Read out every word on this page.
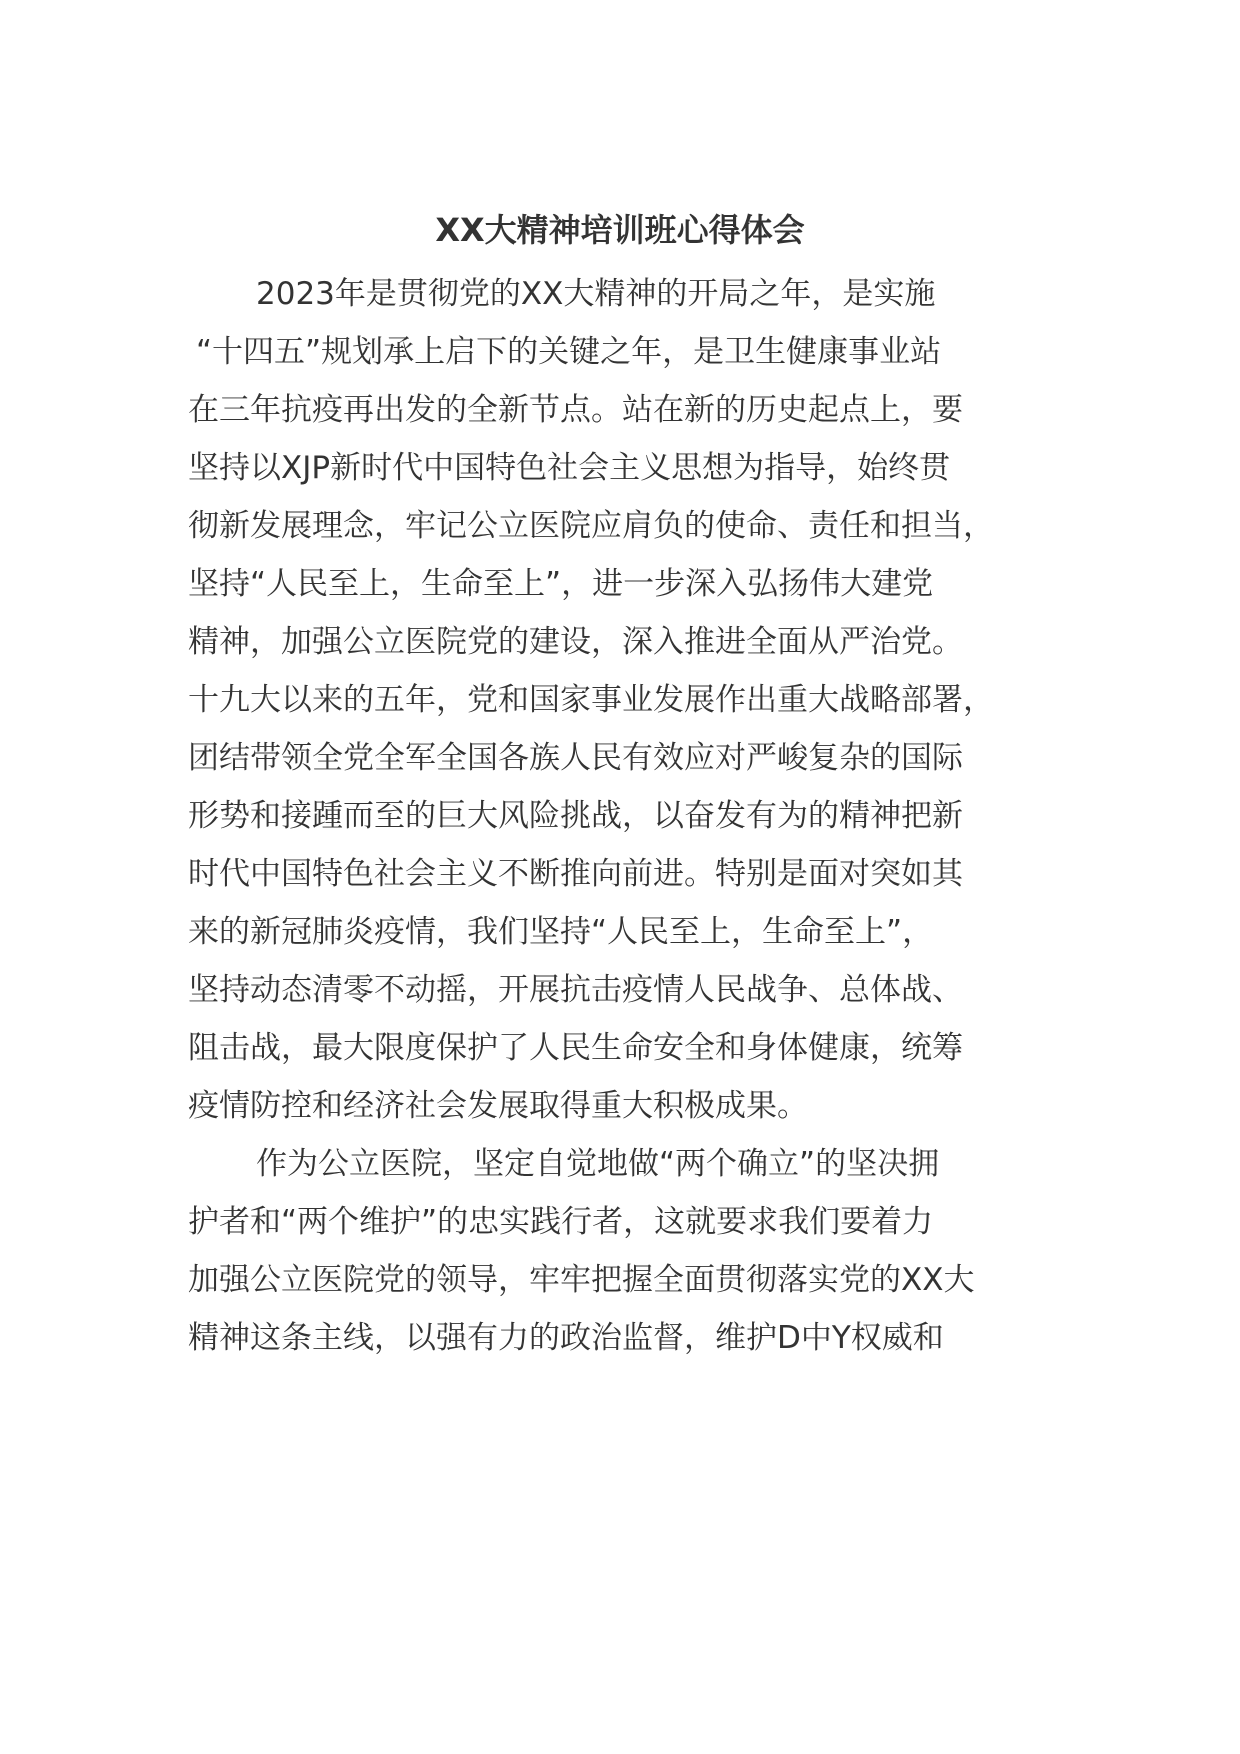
XX大精神培训班心得体会

2023年是贯彻党的XX大精神的开局之年，是实施

“十四五”规划承上启下的关键之年，是卫生健康事业站

在三年抗疫再出发的全新节点。站在新的历史起点上，要

坚持以XJP新时代中国特色社会主义思想为指导，始终贯

彻新发展理念，牢记公立医院应肩负的使命、责任和担当，

坚持“人民至上，生命至上”，进一步深入弘扬伟大建党

精神，加强公立医院党的建设，深入推进全面从严治党。

十九大以来的五年，党和国家事业发展作出重大战略部署，

团结带领全党全军全国各族人民有效应对严峻复杂的国际

形势和接踵而至的巨大风险挑战，以奋发有为的精神把新

时代中国特色社会主义不断推向前进。特别是面对突如其

来的新冠肺炎疫情，我们坚持“人民至上，生命至上”，

坚持动态清零不动摇，开展抗击疫情人民战争、总体战、

阻击战，最大限度保护了人民生命安全和身体健康，统筹

疫情防控和经济社会发展取得重大积极成果。

作为公立医院，坚定自觉地做“两个确立”的坚决拥

护者和“两个维护”的忠实践行者，这就要求我们要着力

加强公立医院党的领导，牢牢把握全面贯彻落实党的XX大

精神这条主线，以强有力的政治监督，维护D中Y权威和
